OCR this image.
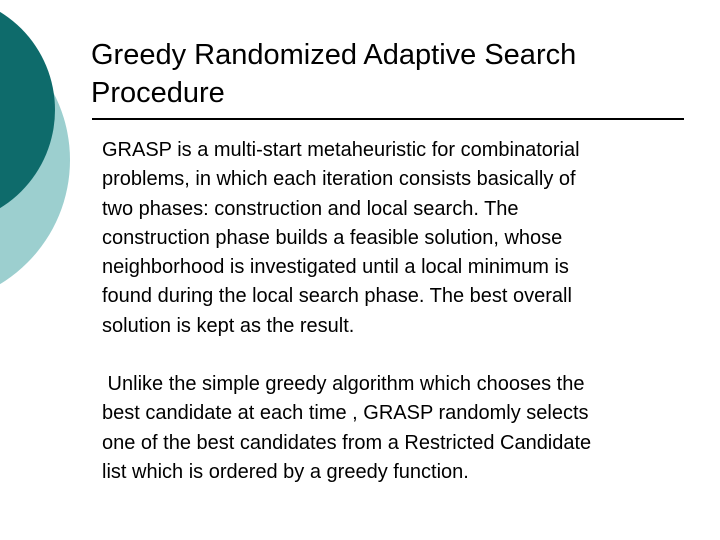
Greedy Randomized Adaptive Search
Procedure

GRASP is a multi-start metaheuristic for combinatorial

problems, in which each iteration consists basically of

two phases: construction and local search. The

construction phase builds a feasible solution, whose

neighborhood is investigated until a local minimum is

found during the local search phase. The best overall

solution is kept as the result.

Unlike the simple greedy algorithm which chooses the

best candidate at each time , GRASP randomly selects

one of the best candidates from a Restricted Candidate

list which is ordered by a greedy function.
